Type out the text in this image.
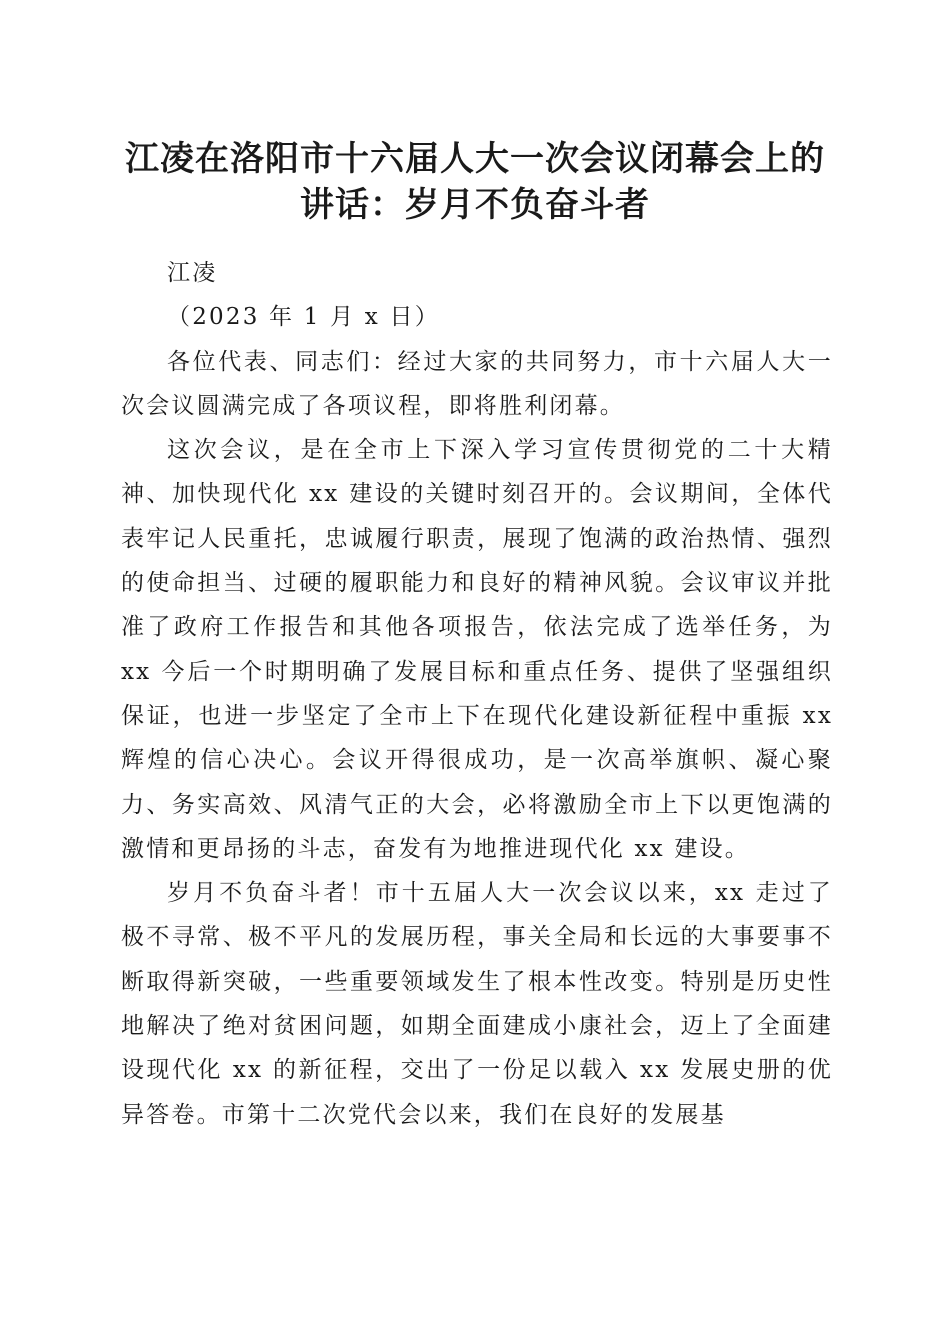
江凌在洛阳市十六届人大一次会议闭幕会上的
讲话：岁月不负奋斗者

江凌

（2023 年 1 月 x 日）

各位代表、同志们：经过大家的共同努力，市十六届人大一次会议圆满完成了各项议程，即将胜利闭幕。

这次会议，是在全市上下深入学习宣传贯彻党的二十大精神、加快现代化 xx 建设的关键时刻召开的。会议期间，全体代表牢记人民重托，忠诚履行职责，展现了饱满的政治热情、强烈的使命担当、过硬的履职能力和良好的精神风貌。会议审议并批准了政府工作报告和其他各项报告，依法完成了选举任务，为 xx 今后一个时期明确了发展目标和重点任务、提供了坚强组织保证，也进一步坚定了全市上下在现代化建设新征程中重振 xx 辉煌的信心决心。会议开得很成功，是一次高举旗帜、凝心聚力、务实高效、风清气正的大会，必将激励全市上下以更饱满的激情和更昂扬的斗志，奋发有为地推进现代化 xx 建设。

岁月不负奋斗者！市十五届人大一次会议以来，xx 走过了极不寻常、极不平凡的发展历程，事关全局和长远的大事要事不断取得新突破，一些重要领域发生了根本性改变。特别是历史性地解决了绝对贫困问题，如期全面建成小康社会，迈上了全面建设现代化 xx 的新征程，交出了一份足以载入 xx 发展史册的优异答卷。市第十二次党代会以来，我们在良好的发展基
